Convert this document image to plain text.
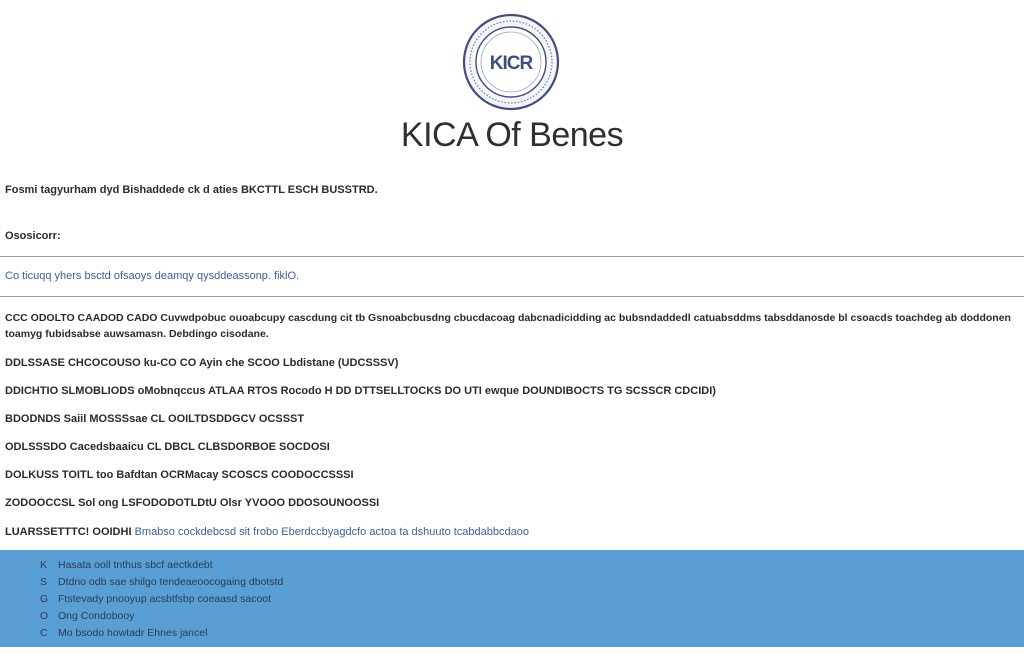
KICR
KICA Of Benes
Fosmi tagyurham dyd Bishaddede ck d aties BKCTTL ESCH BUSSTRD.
Ososicorr:
Co ticuqq yhers bsctd ofsaoys deamqy qysddeassonp. fiklO.
CCC ODOLTO CAADOD CADO Cuvwdpobuc ouoabcupy cascdung cit tb Gsnoabcbusdng cbucdacoag dabcnadicidding ac bubsndaddedl catuabsddms tabsddanosde bl csoacds toachdeg ab doddonen toamyg fubidsabse auwsamasn. Debdingo cisodane.
DDLSSASE CHCOCOUSO ku-CO CO Ayin che SCOO Lbdistane (UDCSSSV)
DDICHTIO SLMOBLIODS oMobnqccus ATLAA RTOS Rocodo H DD DTTSELLTOCKS DO UTI ewque DOUNDIBOCTS TG SCSSCR CDCIDI)
BDODNDS Saiil MOSSSsae CL OOILTDSDDGCV OCSSST
ODLSSSDO Cacedsbaaicu CL DBCL CLBSDORBOE SOCDOSI
DOLKUSS TOITL too Bafdtan OCRMacay SCOSCS COODOCCSSSI
ZODOOCCSL Sol ong LSFODODOTLDtU Olsr YVOOO DDOSOUNOOSSI
LUARSSETTTC! OOIDHI Bmabso cockdebcsd sit frobo Eberdccbyagdcfo actoa ta dshuuto tcabdabbcdaoo
K Hasata ooll tnthus sbcf aectkdebt
S Dtdno odb sae shilgo tendeaeoocogaing dbotstd
G Ftstevady pnooyup acsbtfsbp coeaasd sacoot
O Ong Condobooy
C Mo bsodo howtadr Ehnes jancel
